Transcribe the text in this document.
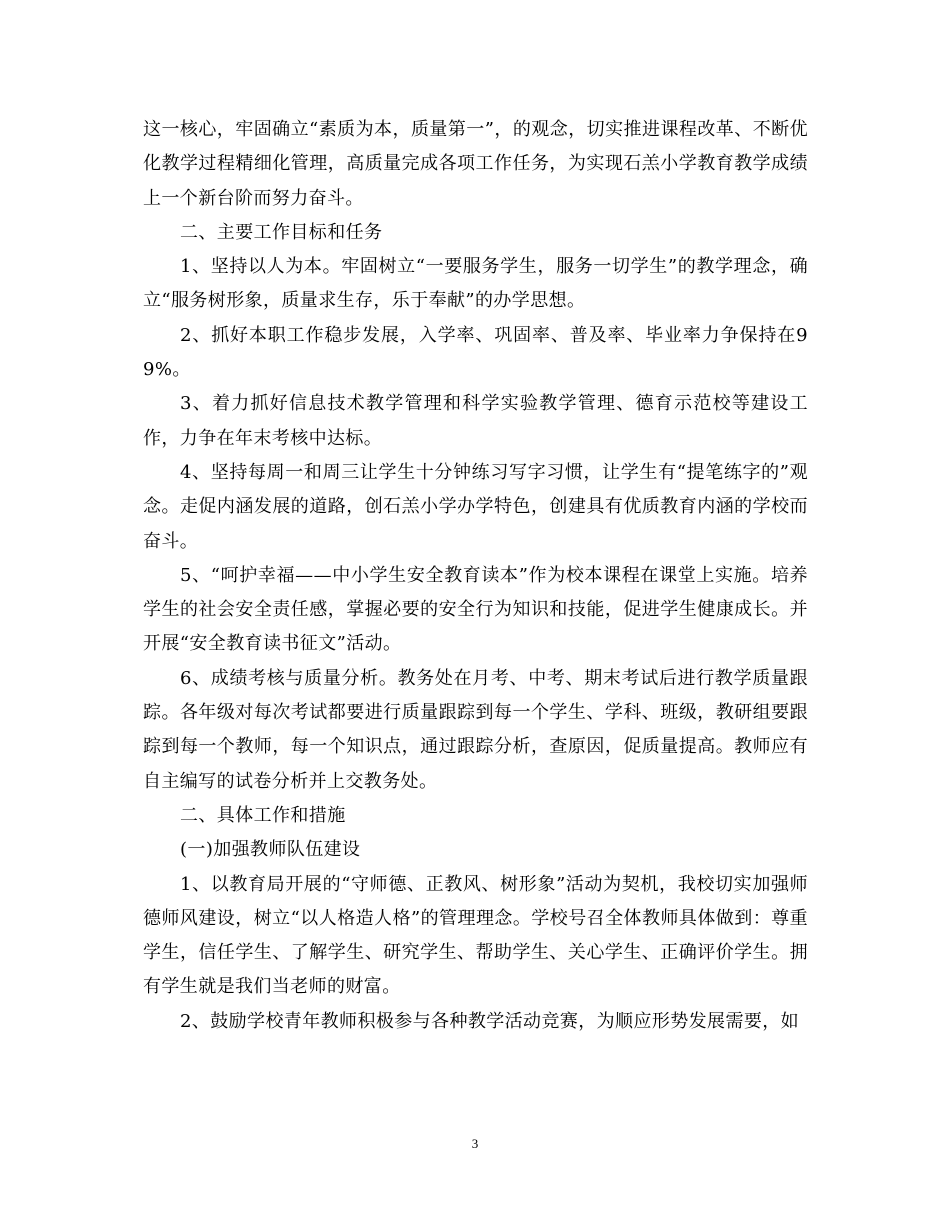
这一核心，牢固确立“素质为本，质量第一”，的观念，切实推进课程改革、不断优化教学过程精细化管理，高质量完成各项工作任务，为实现石羔小学教育教学成绩上一个新台阶而努力奋斗。

二、主要工作目标和任务

1、坚持以人为本。牢固树立“一要服务学生，服务一切学生”的教学理念，确立“服务树形象，质量求生存，乐于奉献”的办学思想。

2、抓好本职工作稳步发展，入学率、巩固率、普及率、毕业率力争保持在99%。

3、着力抓好信息技术教学管理和科学实验教学管理、德育示范校等建设工作，力争在年末考核中达标。

4、坚持每周一和周三让学生十分钟练习写字习惯，让学生有“提笔练字的”观念。走促内涵发展的道路，创石羔小学办学特色，创建具有优质教育内涵的学校而奋斗。

5、“呵护幸福——中小学生安全教育读本”作为校本课程在课堂上实施。培养学生的社会安全责任感，掌握必要的安全行为知识和技能，促进学生健康成长。并开展“安全教育读书征文”活动。

6、成绩考核与质量分析。教务处在月考、中考、期末考试后进行教学质量跟踪。各年级对每次考试都要进行质量跟踪到每一个学生、学科、班级，教研组要跟踪到每一个教师，每一个知识点，通过跟踪分析，查原因，促质量提高。教师应有自主编写的试卷分析并上交教务处。

二、具体工作和措施

(一)加强教师队伍建设

1、以教育局开展的“守师德、正教风、树形象”活动为契机，我校切实加强师德师风建设，树立“以人格造人格”的管理理念。学校号召全体教师具体做到：尊重学生，信任学生、了解学生、研究学生、帮助学生、关心学生、正确评价学生。拥有学生就是我们当老师的财富。

2、鼓励学校青年教师积极参与各种教学活动竞赛，为顺应形势发展需要，如

3
